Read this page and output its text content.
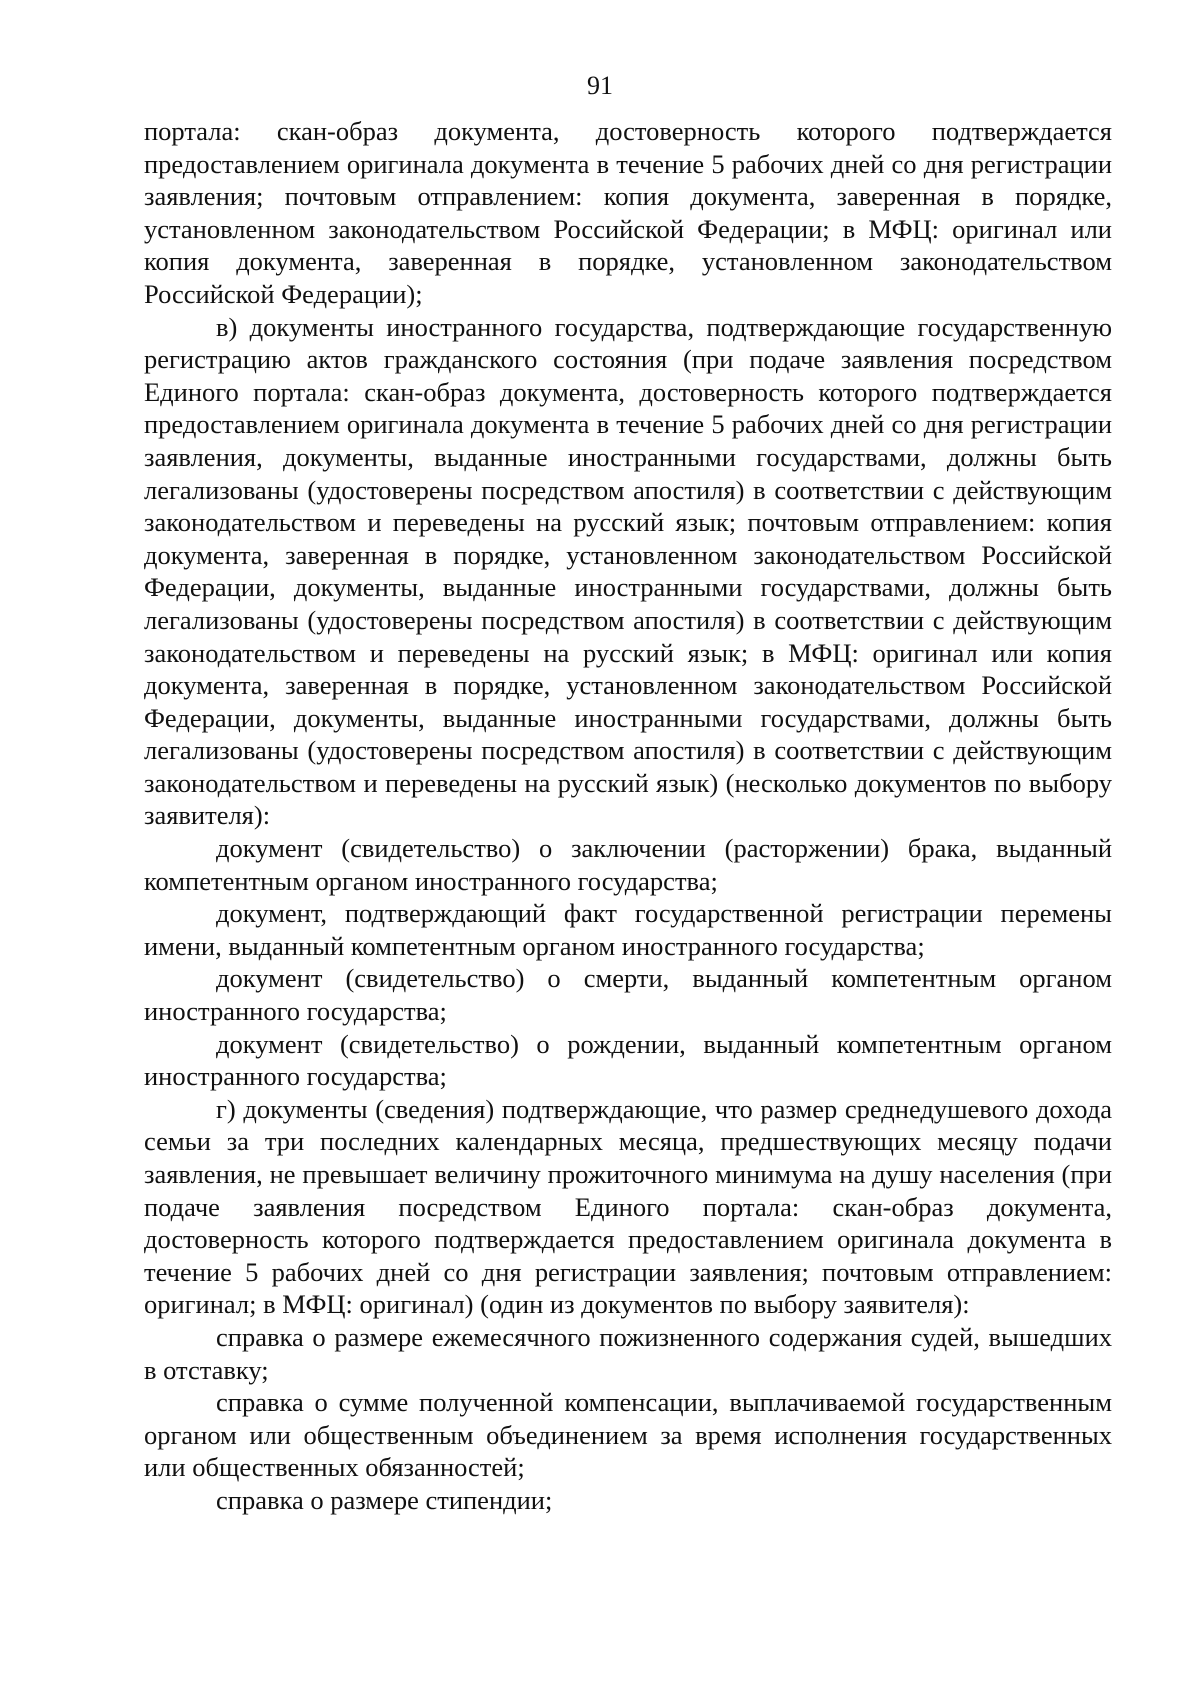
91

портала: скан-образ документа, достоверность которого подтверждается предоставлением оригинала документа в течение 5 рабочих дней со дня регистрации заявления; почтовым отправлением: копия документа, заверенная в порядке, установленном законодательством Российской Федерации; в МФЦ: оригинал или копия документа, заверенная в порядке, установленном законодательством Российской Федерации);

в) документы иностранного государства, подтверждающие государственную регистрацию актов гражданского состояния (при подаче заявления посредством Единого портала: скан-образ документа, достоверность которого подтверждается предоставлением оригинала документа в течение 5 рабочих дней со дня регистрации заявления, документы, выданные иностранными государствами, должны быть легализованы (удостоверены посредством апостиля) в соответствии с действующим законодательством и переведены на русский язык; почтовым отправлением: копия документа, заверенная в порядке, установленном законодательством Российской Федерации, документы, выданные иностранными государствами, должны быть легализованы (удостоверены посредством апостиля) в соответствии с действующим законодательством и переведены на русский язык; в МФЦ: оригинал или копия документа, заверенная в порядке, установленном законодательством Российской Федерации, документы, выданные иностранными государствами, должны быть легализованы (удостоверены посредством апостиля) в соответствии с действующим законодательством и переведены на русский язык) (несколько документов по выбору заявителя):

документ (свидетельство) о заключении (расторжении) брака, выданный компетентным органом иностранного государства;

документ, подтверждающий факт государственной регистрации перемены имени, выданный компетентным органом иностранного государства;

документ (свидетельство) о смерти, выданный компетентным органом иностранного государства;

документ (свидетельство) о рождении, выданный компетентным органом иностранного государства;

г) документы (сведения) подтверждающие, что размер среднедушевого дохода семьи за три последних календарных месяца, предшествующих месяцу подачи заявления, не превышает величину прожиточного минимума на душу населения (при подаче заявления посредством Единого портала: скан-образ документа, достоверность которого подтверждается предоставлением оригинала документа в течение 5 рабочих дней со дня регистрации заявления; почтовым отправлением: оригинал; в МФЦ: оригинал) (один из документов по выбору заявителя):

справка о размере ежемесячного пожизненного содержания судей, вышедших в отставку;

справка о сумме полученной компенсации, выплачиваемой государственным органом или общественным объединением за время исполнения государственных или общественных обязанностей;

справка о размере стипендии;
